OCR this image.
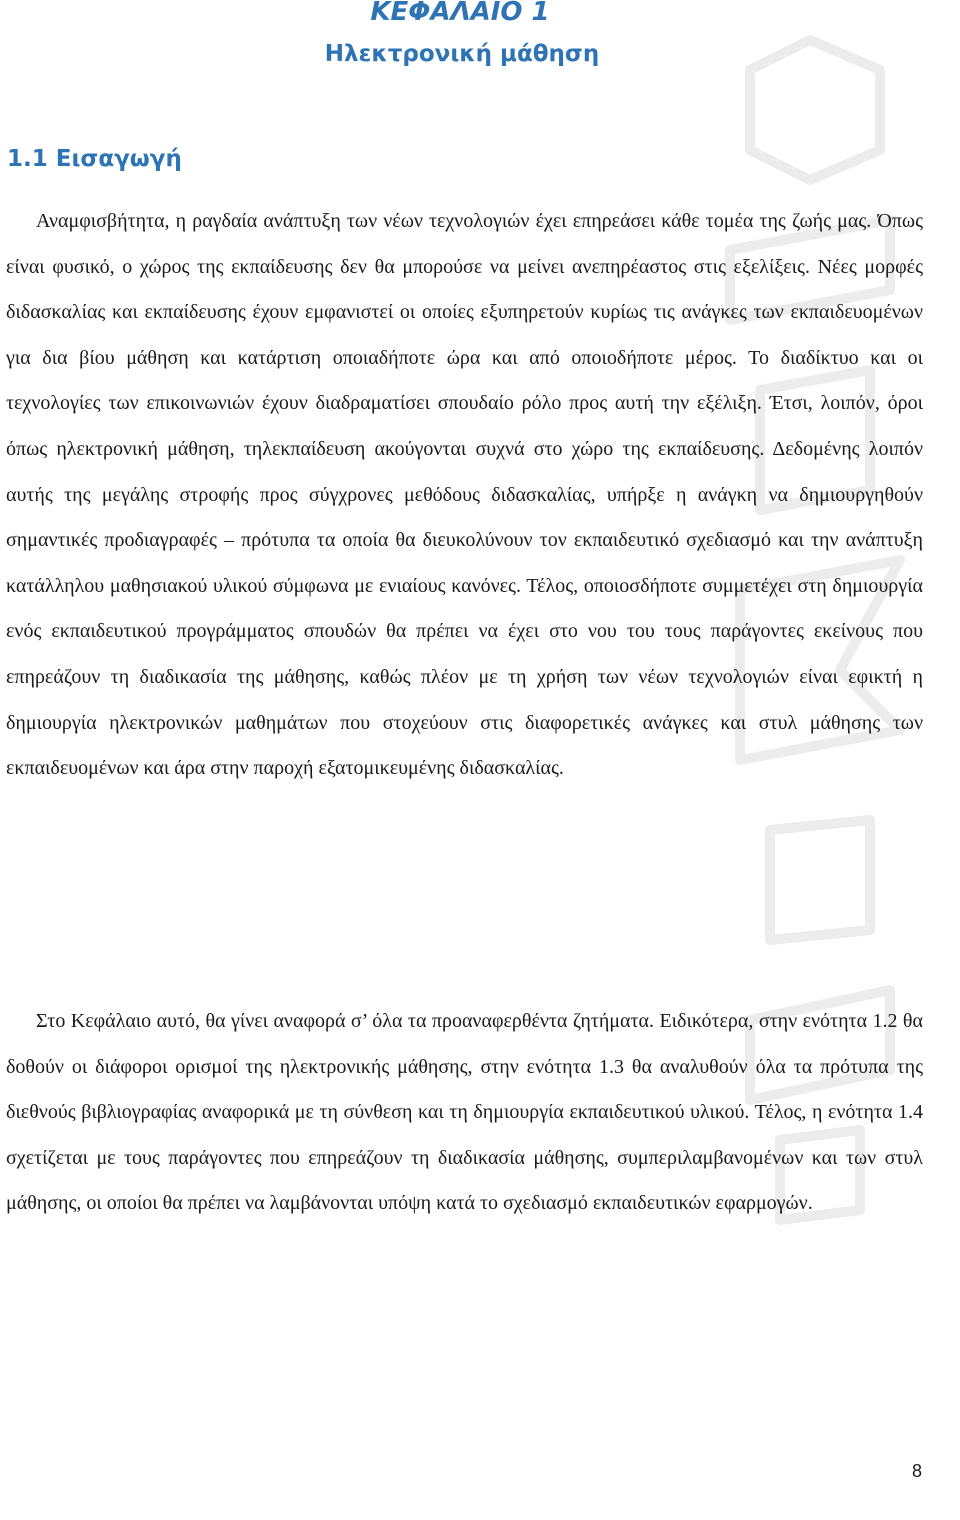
ΚΕΦΑΛΑΙΟ 1
Ηλεκτρονική μάθηση
1.1 Εισαγωγή

Αναμφισβήτητα, η ραγδαία ανάπτυξη των νέων τεχνολογιών έχει επηρεάσει κάθε τομέα της ζωής μας. Όπως είναι φυσικό, ο χώρος της εκπαίδευσης δεν θα μπορούσε να μείνει ανεπηρέαστος στις εξελίξεις. Νέες μορφές διδασκαλίας και εκπαίδευσης έχουν εμφανιστεί οι οποίες εξυπηρετούν κυρίως τις ανάγκες των εκπαιδευομένων για δια βίου μάθηση και κατάρτιση οποιαδήποτε ώρα και από οποιοδήποτε μέρος. Το διαδίκτυο και οι τεχνολογίες των επικοινωνιών έχουν διαδραματίσει σπουδαίο ρόλο προς αυτή την εξέλιξη. Έτσι, λοιπόν, όροι όπως ηλεκτρονική μάθηση, τηλεκπαίδευση ακούγονται συχνά στο χώρο της εκπαίδευσης. Δεδομένης λοιπόν αυτής της μεγάλης στροφής προς σύγχρονες μεθόδους διδασκαλίας, υπήρξε η ανάγκη να δημιουργηθούν σημαντικές προδιαγραφές – πρότυπα τα οποία θα διευκολύνουν τον εκπαιδευτικό σχεδιασμό και την ανάπτυξη κατάλληλου μαθησιακού υλικού σύμφωνα με ενιαίους κανόνες. Τέλος, οποιοσδήποτε συμμετέχει στη δημιουργία ενός εκπαιδευτικού προγράμματος σπουδών θα πρέπει να έχει στο νου του τους παράγοντες εκείνους που επηρεάζουν τη διαδικασία της μάθησης, καθώς πλέον με τη χρήση των νέων τεχνολογιών είναι εφικτή η δημιουργία ηλεκτρονικών μαθημάτων που στοχεύουν στις διαφορετικές ανάγκες και στυλ μάθησης των εκπαιδευομένων και άρα στην παροχή εξατομικευμένης διδασκαλίας.

Στο Κεφάλαιο αυτό, θα γίνει αναφορά σ’ όλα τα προαναφερθέντα ζητήματα. Ειδικότερα, στην ενότητα 1.2 θα δοθούν οι διάφοροι ορισμοί της ηλεκτρονικής μάθησης, στην ενότητα 1.3 θα αναλυθούν όλα τα πρότυπα της διεθνούς βιβλιογραφίας αναφορικά με τη σύνθεση και τη δημιουργία εκπαιδευτικού υλικού. Τέλος, η ενότητα 1.4 σχετίζεται με τους παράγοντες που επηρεάζουν τη διαδικασία μάθησης, συμπεριλαμβανομένων και των στυλ μάθησης, οι οποίοι θα πρέπει να λαμβάνονται υπόψη κατά το σχεδιασμό εκπαιδευτικών εφαρμογών.

8
